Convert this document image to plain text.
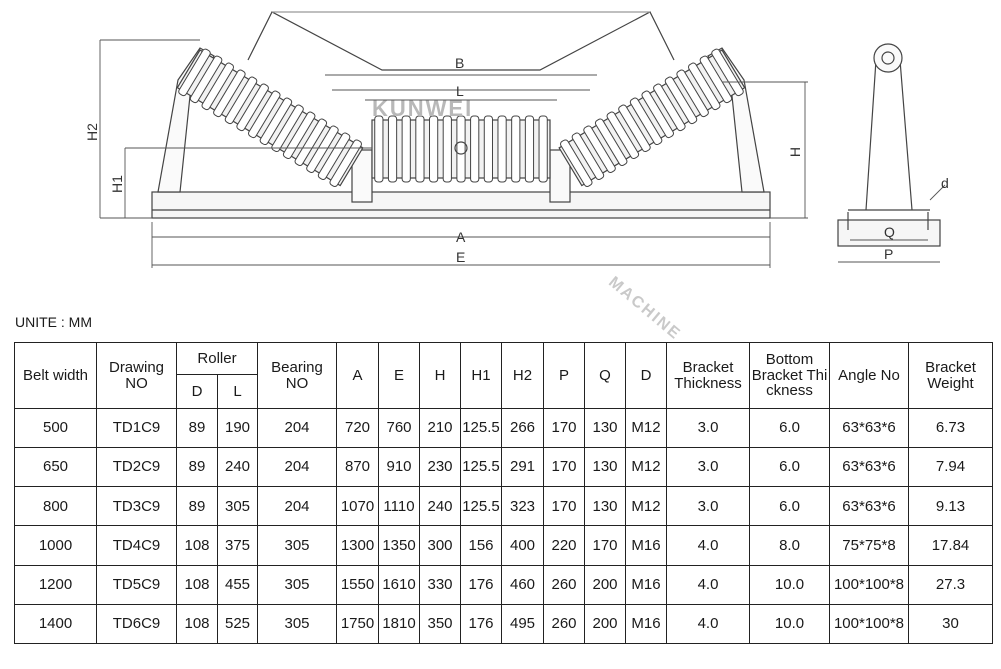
B
L
A
E
H2
H1
H
d
Q
P
KUNWEI
MACHINE
UNITE : MM
Belt width	Drawing NO	Roller		Bearing NO	A	E	H	H1	H2	P	Q	D	Bracket Thickness	Bottom Bracket Thi ckness	Angle No	Bracket Weight
		D	L													
500	TD1C9	89	190	204	720	760	210	125.5	266	170	130	M12	3.0	6.0	63*63*6	6.73
650	TD2C9	89	240	204	870	910	230	125.5	291	170	130	M12	3.0	6.0	63*63*6	7.94
800	TD3C9	89	305	204	1070	1110	240	125.5	323	170	130	M12	3.0	6.0	63*63*6	9.13
1000	TD4C9	108	375	305	1300	1350	300	156	400	220	170	M16	4.0	8.0	75*75*8	17.84
1200	TD5C9	108	455	305	1550	1610	330	176	460	260	200	M16	4.0	10.0	100*100*8	27.3
1400	TD6C9	108	525	305	1750	1810	350	176	495	260	200	M16	4.0	10.0	100*100*8	30
